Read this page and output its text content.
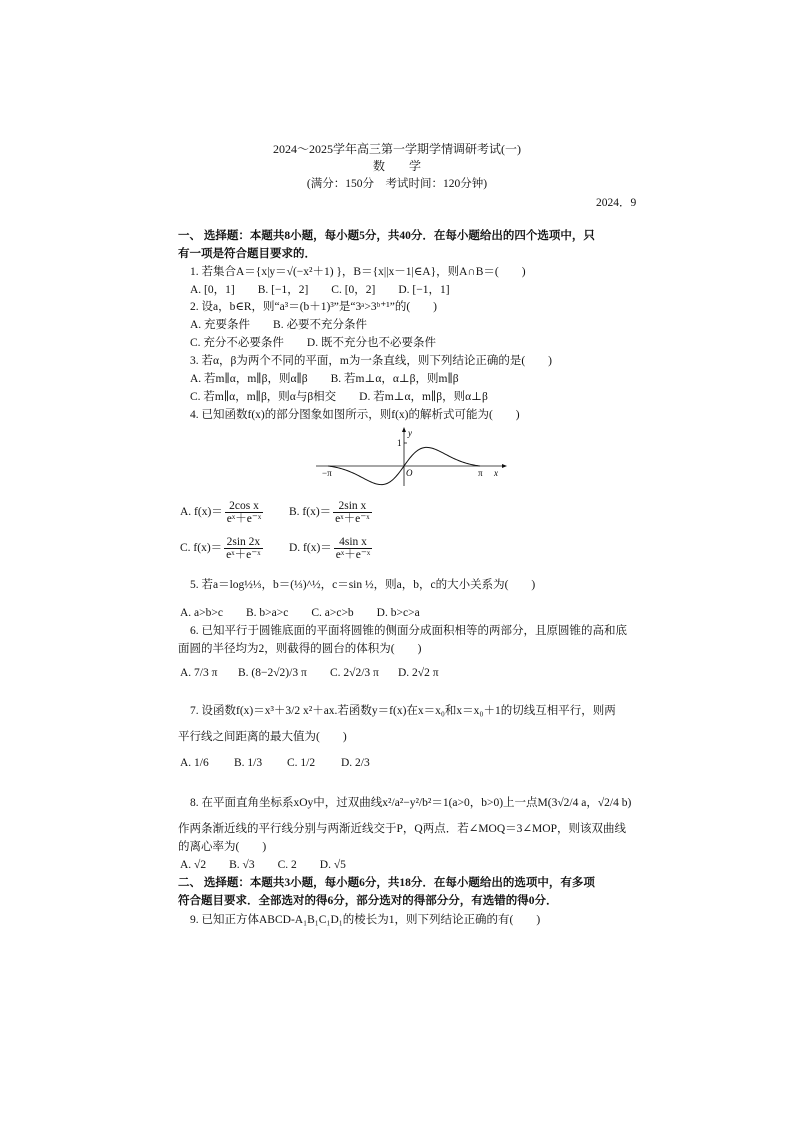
2024～2025学年高三第一学期学情调研考试(一)
数　　学
(满分：150分　考试时间：120分钟)
2024．9
一、 选择题：本题共8小题，每小题5分，共40分．在每小题给出的四个选项中，只
有一项是符合题目要求的．
1. 若集合A＝{x|y＝√(−x²＋1) }，B＝{x||x－1|∈A}，则A∩B＝(　　)
A. [0，1]　　B. [−1，2]　　C. [0，2]　　D. [−1，1]
2. 设a，b∈R，则“a³＝(b＋1)³”是“3ᵃ>3ᵇ⁺¹”的(　　)
A. 充要条件　　B. 必要不充分条件
C. 充分不必要条件　　D. 既不充分也不必要条件
3. 若α，β为两个不同的平面，m为一条直线，则下列结论正确的是(　　)
A. 若m∥α，m∥β，则α∥β　　B. 若m⊥α，α⊥β，则m∥β
C. 若m∥α，m∥β，则α与β相交　　D. 若m⊥α，m∥β，则α⊥β
4. 已知函数f(x)的部分图象如图所示，则f(x)的解析式可能为(　　)
y
1
−π	O	π x
A. $f(x)= \frac{\text{2cos x}}{\text{eˣ＋e⁻ˣ}} B$. $f(x)= \frac{\text{2sin x}}{\text{eˣ＋e⁻ˣ}}$
C. $f(x)= \frac{2\sin 2x}{\text{eˣ＋e⁻ˣ}} D$. $f(x)= \frac{\text{4sin x}}{\text{eˣ＋e⁻ˣ}}$
5. 若a＝log½⅓，b＝(⅓)^½，c＝sin ½，则a，b，c的大小关系为(　　)
A. a>b>c　　B. b>a>c　　C. a>c>b　　D. b>c>a
6. 已知平行于圆锥底面的平面将圆锥的侧面分成面积相等的两部分，且原圆锥的高和底
面圆的半径均为2，则截得的圆台的体积为(　　)
A. 7/3 π B. (8−2√2)/3 π C. 2√2/3 π D. 2√2 π
7. 设函数f(x)＝x³＋3/2 x²＋ax.若函数y＝f(x)在x＝x₀和x＝x₀＋1的切线互相平行，则两
平行线之间距离的最大值为(　　)
A. 1/6 B. 1/3 C. 1/2 D. 2/3
8. 在平面直角坐标系xOy中，过双曲线x²/a²−y²/b²＝1(a>0，b>0)上一点M(3√2/4 a，√2/4 b)
作两条渐近线的平行线分别与两渐近线交于P，Q两点．若∠MOQ＝3∠MOP，则该双曲线
的离心率为(　　)
A. √2　　B. √3　　C. 2　　D. √5
二、 选择题：本题共3小题，每小题6分，共18分．在每小题给出的选项中，有多项
符合题目要求．全部选对的得6分，部分选对的得部分分，有选错的得0分．
9. 已知正方体ABCD-A₁B₁C₁D₁的棱长为1，则下列结论正确的有(　　)
